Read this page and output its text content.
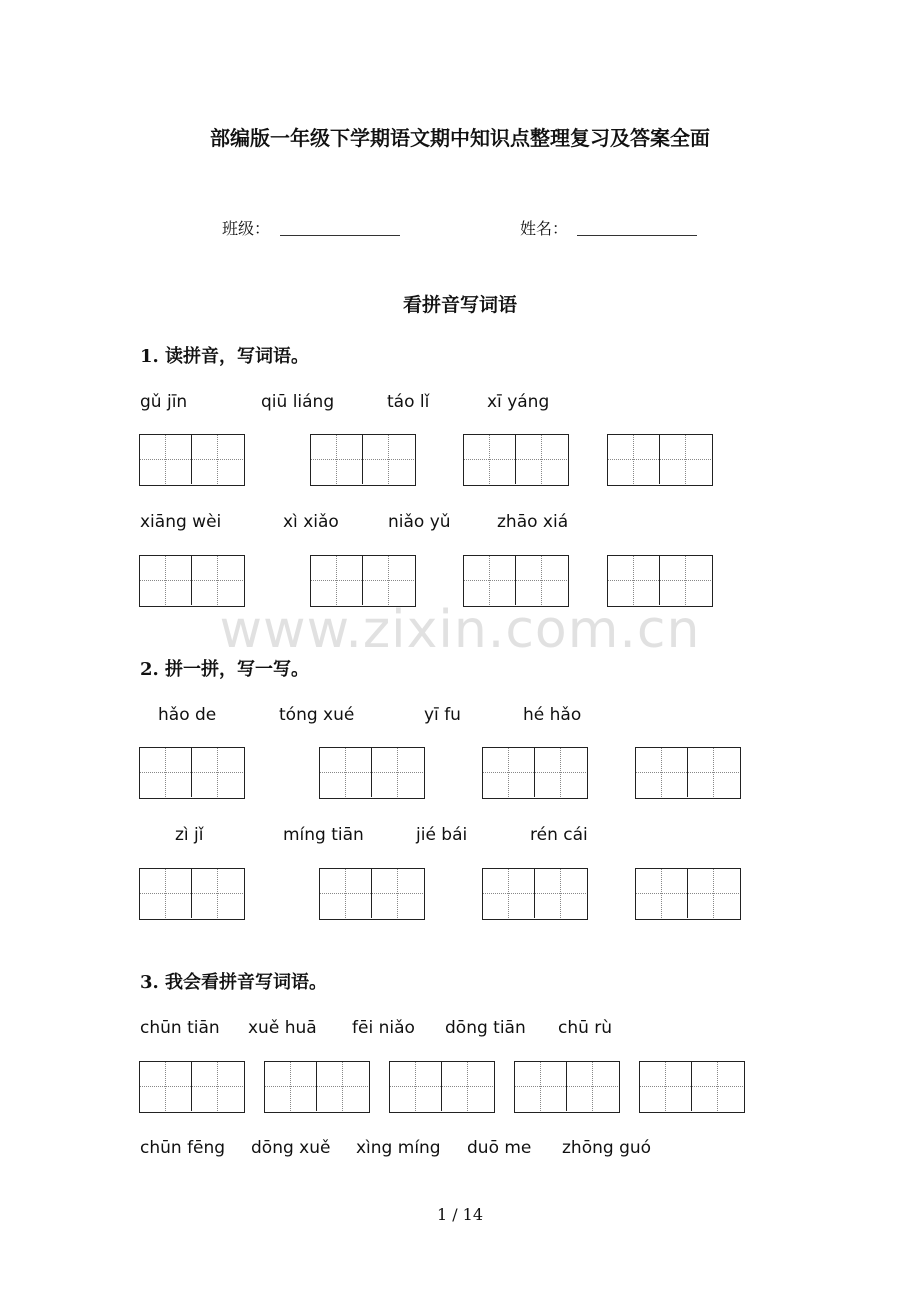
部编版一年级下学期语文期中知识点整理复习及答案全面
班级：	姓名：
看拼音写词语
1. 读拼音，写词语。
gǔ jīn	qiū liáng	táo lǐ	xī yáng
xiāng wèi	xì xiǎo	niǎo yǔ	zhāo xiá
www.zixin.com.cn
2. 拼一拼，写一写。
hǎo de	tóng xué	yī fu	hé hǎo
zì jǐ	míng tiān	jié bái	rén cái
3. 我会看拼音写词语。
chūn tiān xuě huā fēi niǎo dōng tiān chū rù
chūn fēng dōng xuě xìng míng duō me zhōng guó
1 / 14
